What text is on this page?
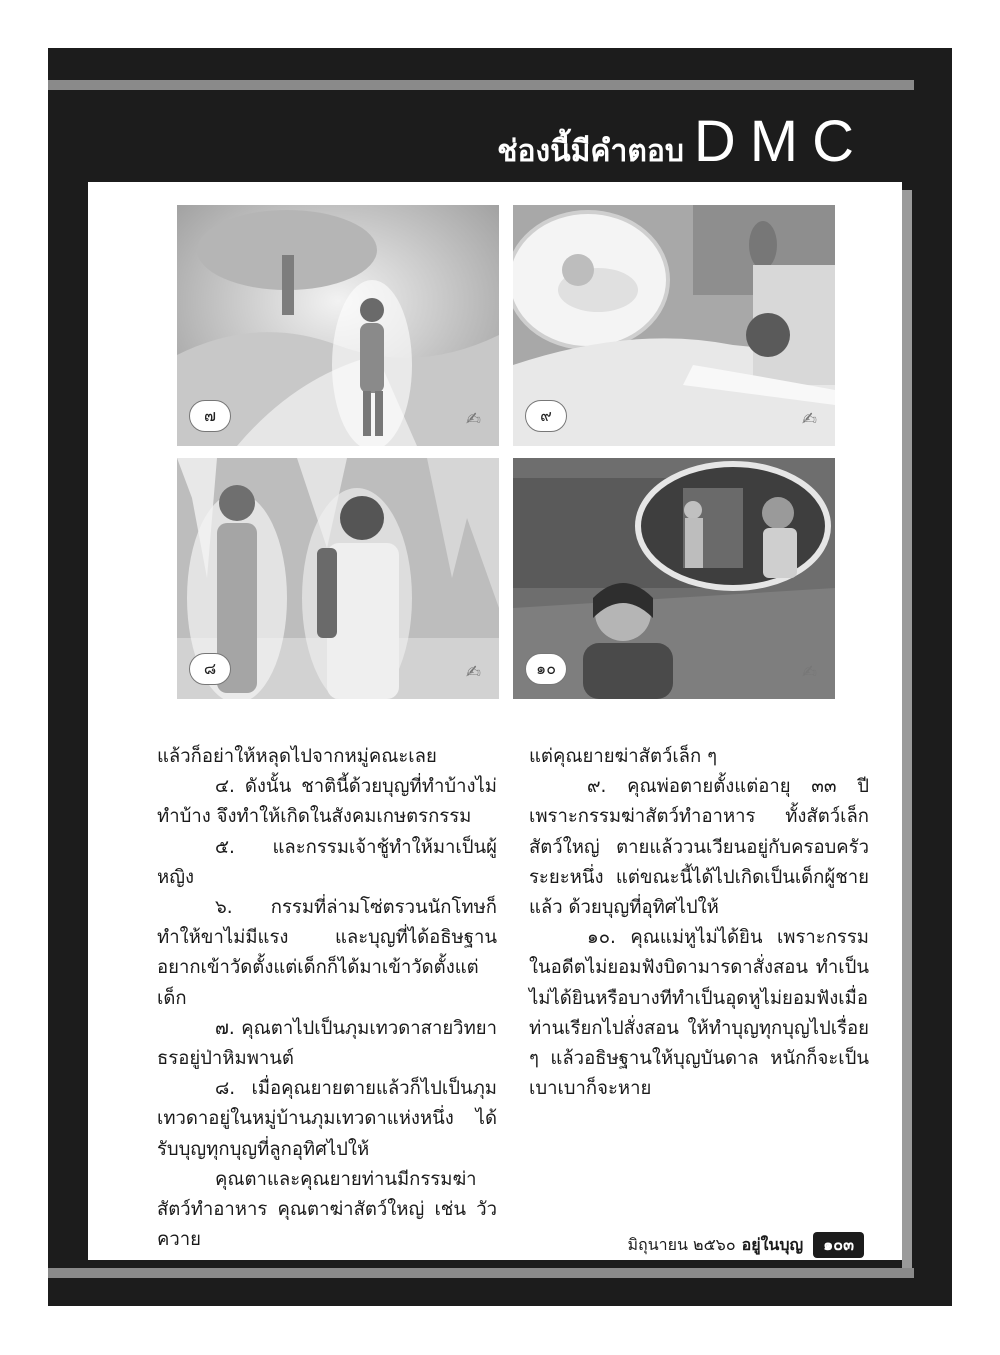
ช่องนี้มีคำตอบ DMC
๗	✍	๙	✍
๘	✍	๑๐	✍

แล้วก็อย่าให้หลุดไปจากหมู่คณะเลย

๔. ดังนั้น ชาตินี้ด้วยบุญที่ทำบ้างไม่ทำบ้าง จึงทำให้เกิดในสังคมเกษตรกรรม

๕. และกรรมเจ้าชู้ทำให้มาเป็นผู้หญิง

๖. กรรมที่ล่ามโซ่ตรวนนักโทษก็ทำให้ขาไม่มีแรง และบุญที่ได้อธิษฐานอยากเข้าวัดตั้งแต่เด็กก็ได้มาเข้าวัดตั้งแต่เด็ก

๗. คุณตาไปเป็นภุมเทวดาสายวิทยาธรอยู่ป่าหิมพานต์

๘. เมื่อคุณยายตายแล้วก็ไปเป็นภุมเทวดาอยู่ในหมู่บ้านภุมเทวดาแห่งหนึ่ง ได้รับบุญทุกบุญที่ลูกอุทิศไปให้

คุณตาและคุณยายท่านมีกรรมฆ่าสัตว์ทำอาหาร คุณตาฆ่าสัตว์ใหญ่ เช่น วัว ควาย

แต่คุณยายฆ่าสัตว์เล็ก ๆ

๙. คุณพ่อตายตั้งแต่อายุ ๓๓ ปี เพราะกรรมฆ่าสัตว์ทำอาหาร ทั้งสัตว์เล็กสัตว์ใหญ่ ตายแล้ววนเวียนอยู่กับครอบครัวระยะหนึ่ง แต่ขณะนี้ได้ไปเกิดเป็นเด็กผู้ชายแล้ว ด้วยบุญที่อุทิศไปให้

๑๐. คุณแม่หูไม่ได้ยิน เพราะกรรมในอดีตไม่ยอมฟังบิดามารดาสั่งสอน ทำเป็นไม่ได้ยินหรือบางทีทำเป็นอุดหูไม่ยอมฟังเมื่อท่านเรียกไปสั่งสอน ให้ทำบุญทุกบุญไปเรื่อย ๆ แล้วอธิษฐานให้บุญบันดาล หนักก็จะเป็นเบาเบาก็จะหาย

มิถุนายน ๒๕๖๐ อยู่ในบุญ ๑๐๓
